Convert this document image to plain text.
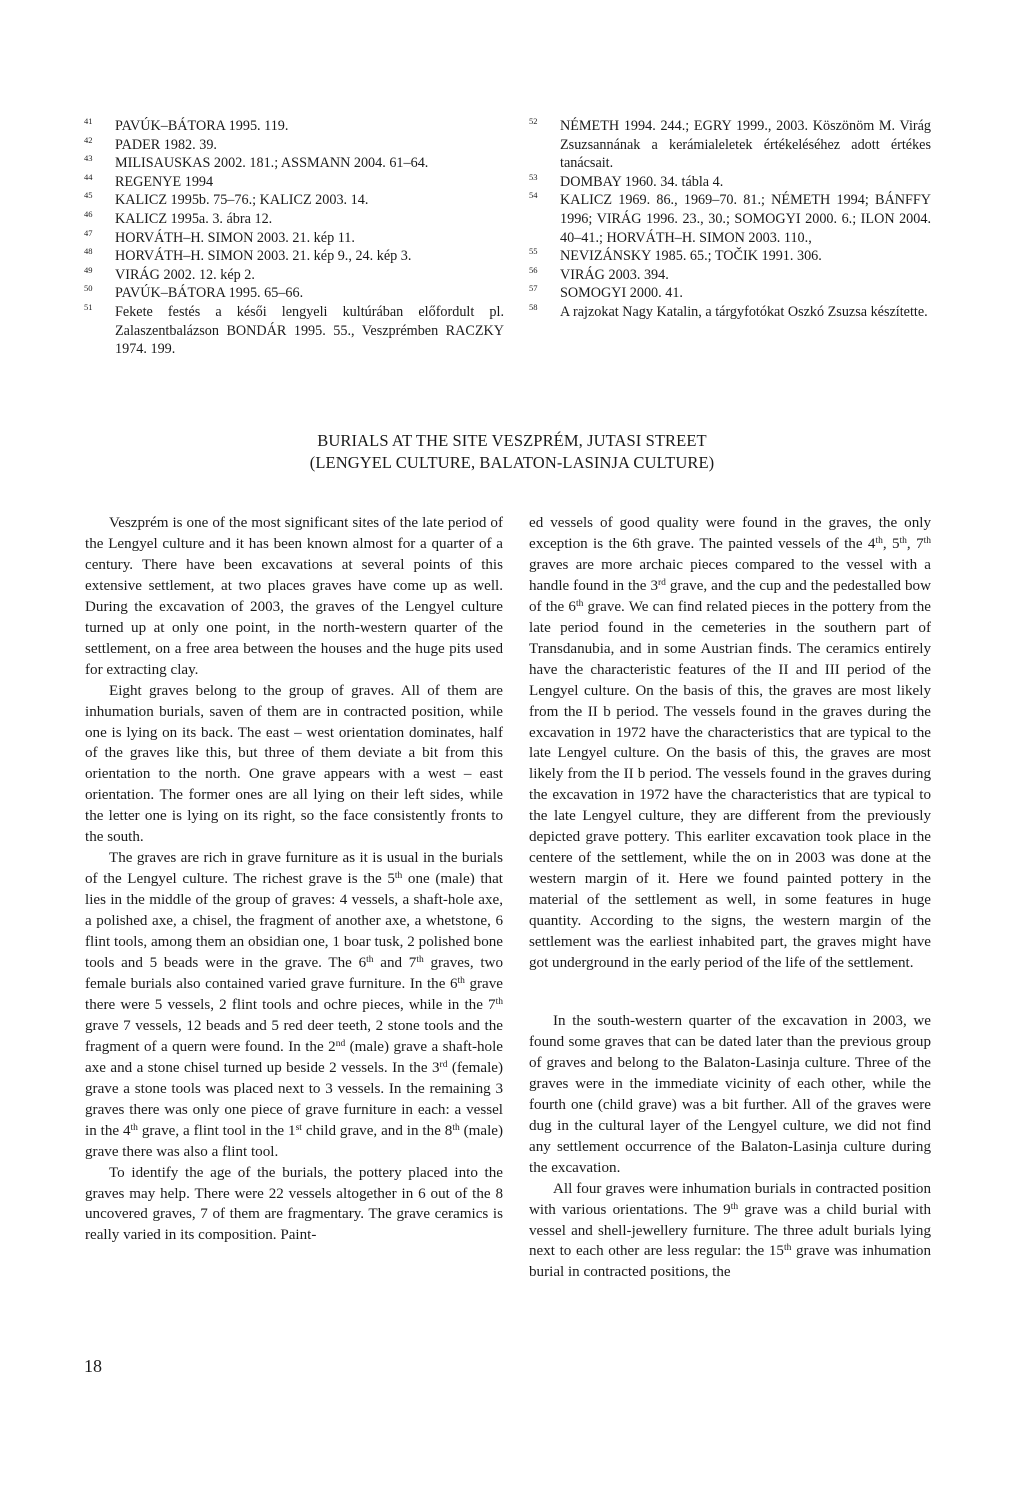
41 PAVÚK–BÁTORA 1995. 119.
42 PADER 1982. 39.
43 MILISAUSKAS 2002. 181.; ASSMANN 2004. 61–64.
44 REGENYE 1994
45 KALICZ 1995b. 75–76.; KALICZ 2003. 14.
46 KALICZ 1995a. 3. ábra 12.
47 HORVÁTH–H. SIMON 2003. 21. kép 11.
48 HORVÁTH–H. SIMON 2003. 21. kép 9., 24. kép 3.
49 VIRÁG 2002. 12. kép 2.
50 PAVÚK–BÁTORA 1995. 65–66.
51 Fekete festés a késői lengyeli kultúrában előfordult pl. Zalaszentbalázson BONDÁR 1995. 55., Veszprémben RACZKY 1974. 199.
52 NÉMETH 1994. 244.; EGRY 1999., 2003. Köszönöm M. Virág Zsuzsannának a kerámialeletek értékeléséhez adott értékes tanácsait.
53 DOMBAY 1960. 34. tábla 4.
54 KALICZ 1969. 86., 1969–70. 81.; NÉMETH 1994; BÁNFFY 1996; VIRÁG 1996. 23., 30.; SOMOGYI 2000. 6.; ILON 2004. 40–41.; HORVÁTH–H. SIMON 2003. 110.,
55 NEVIZÁNSKY 1985. 65.; TOČIK 1991. 306.
56 VIRÁG 2003. 394.
57 SOMOGYI 2000. 41.
58 A rajzokat Nagy Katalin, a tárgyfotókat Oszkó Zsuzsa készítette.
BURIALS AT THE SITE VESZPRÉM, JUTASI STREET
(LENGYEL CULTURE, BALATON-LASINJA CULTURE)

Veszprém is one of the most significant sites of the late period of the Lengyel culture and it has been known almost for a quarter of a century. There have been excavations at several points of this extensive settlement, at two places graves have come up as well. During the excavation of 2003, the graves of the Lengyel culture turned up at only one point, in the north-western quarter of the settlement, on a free area between the houses and the huge pits used for extracting clay.

Eight graves belong to the group of graves. All of them are inhumation burials, saven of them are in contracted position, while one is lying on its back. The east – west orientation dominates, half of the graves like this, but three of them deviate a bit from this orientation to the north. One grave appears with a west – east orientation. The former ones are all lying on their left sides, while the letter one is lying on its right, so the face consistently fronts to the south.

The graves are rich in grave furniture as it is usual in the burials of the Lengyel culture. The richest grave is the 5th one (male) that lies in the middle of the group of graves: 4 vessels, a shaft-hole axe, a polished axe, a chisel, the fragment of another axe, a whetstone, 6 flint tools, among them an obsidian one, 1 boar tusk, 2 polished bone tools and 5 beads were in the grave. The 6th and 7th graves, two female burials also contained varied grave furniture. In the 6th grave there were 5 vessels, 2 flint tools and ochre pieces, while in the 7th grave 7 vessels, 12 beads and 5 red deer teeth, 2 stone tools and the fragment of a quern were found. In the 2nd (male) grave a shaft-hole axe and a stone chisel turned up beside 2 vessels. In the 3rd (female) grave a stone tools was placed next to 3 vessels. In the remaining 3 graves there was only one piece of grave furniture in each: a vessel in the 4th grave, a flint tool in the 1st child grave, and in the 8th (male) grave there was also a flint tool.

To identify the age of the burials, the pottery placed into the graves may help. There were 22 vessels altogether in 6 out of the 8 uncovered graves, 7 of them are fragmentary. The grave ceramics is really varied in its composition. Paint-

ed vessels of good quality were found in the graves, the only exception is the 6th grave. The painted vessels of the 4th, 5th, 7th graves are more archaic pieces compared to the vessel with a handle found in the 3rd grave, and the cup and the pedestalled bow of the 6th grave. We can find related pieces in the pottery from the late period found in the cemeteries in the southern part of Transdanubia, and in some Austrian finds. The ceramics entirely have the characteristic features of the II and III period of the Lengyel culture. On the basis of this, the graves are most likely from the II b period. The vessels found in the graves during the excavation in 1972 have the characteristics that are typical to the late Lengyel culture. On the basis of this, the graves are most likely from the II b period. The vessels found in the graves during the excavation in 1972 have the characteristics that are typical to the late Lengyel culture, they are different from the previously depicted grave pottery. This earliter excavation took place in the centere of the settlement, while the on in 2003 was done at the western margin of it. Here we found painted pottery in the material of the settlement as well, in some features in huge quantity. According to the signs, the western margin of the settlement was the earliest inhabited part, the graves might have got underground in the early period of the life of the settlement.

In the south-western quarter of the excavation in 2003, we found some graves that can be dated later than the previous group of graves and belong to the Balaton-Lasinja culture. Three of the graves were in the immediate vicinity of each other, while the fourth one (child grave) was a bit further. All of the graves were dug in the cultural layer of the Lengyel culture, we did not find any settlement occurrence of the Balaton-Lasinja culture during the excavation.

All four graves were inhumation burials in contracted position with various orientations. The 9th grave was a child burial with vessel and shell-jewellery furniture. The three adult burials lying next to each other are less regular: the 15th grave was inhumation burial in contracted positions, the

18
